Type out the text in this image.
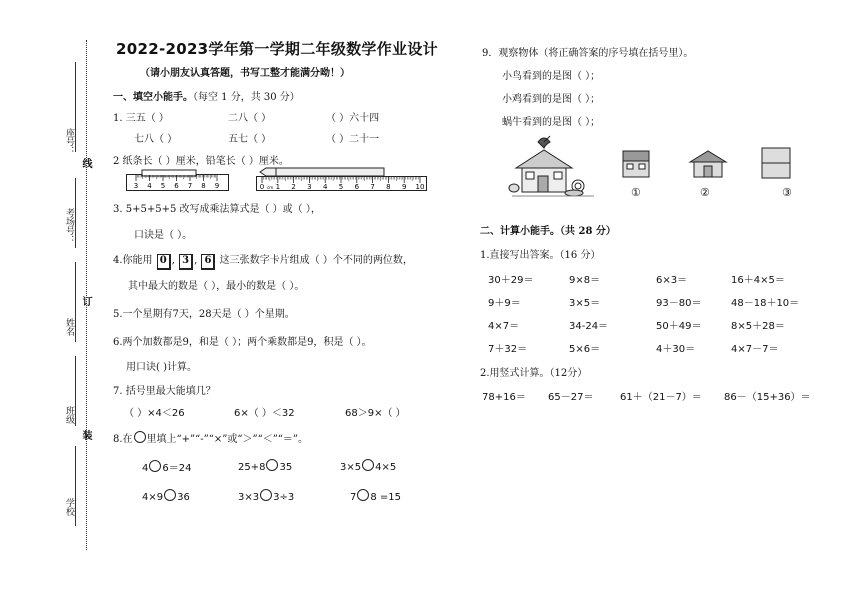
座号：
线
考场号：
订
姓名
班级
装
学校
2022-2023学年第一学期二年级数学作业设计
（请小朋友认真答题，书写工整才能满分呦！）
一、填空小能手。（每空 1 分，共 30 分）
1. 三五（ ）	二八（ ）	（ ）六十四
七八（ ）	五七（ ）	（ ）二十一
2 纸条长（ ）厘米，铅笔长（ ）厘米。
3 4 5 6 7 8 9	0 1 2 3 4 5 6 7 8 9 10
cm
3. 5+5+5+5 改写成乘法算式是（ ）或（ ），
口诀是（ ）。
4.你能用 0 , 3 , 6 这三张数字卡片组成（ ）个不同的两位数，
其中最大的数是（ ），最小的数是（ ）。
5.一个星期有7天，28天是（ ）个星期。
6.两个加数都是9，和是（ ）；两个乘数都是9，积是（ ）。
用口诀( )计算。
7. 括号里最大能填几？
（ ）×4＜26	6×（ ）＜32	68＞9×（ ）
8.在 里填上“+”“-”“×”或“＞”“＜”“＝”。
4 6＝24	25+8 35	3×5 4×5
4×9 36	3×3 3÷3	7 8 =15
9．观察物体（将正确答案的序号填在括号里）。
小鸟看到的是图（ ）；
小鸡看到的是图（ ）；
蜗牛看到的是图（ ）；
①	②	③
二、计算小能手。（共 28 分）
1.直接写出答案。（16 分）
30＋29＝	9×8＝	6×3＝	16＋4×5＝
9＋9＝	3×5＝	93－80＝	48－18＋10＝
4×7＝	34-24＝	50＋49＝	8×5＋28＝
7＋32＝	5×6＝	4＋30＝	4×7－7＝
2.用竖式计算。（12分）
78+16＝ 65－27＝	61＋（21－7）＝ 86－（15+36）＝
